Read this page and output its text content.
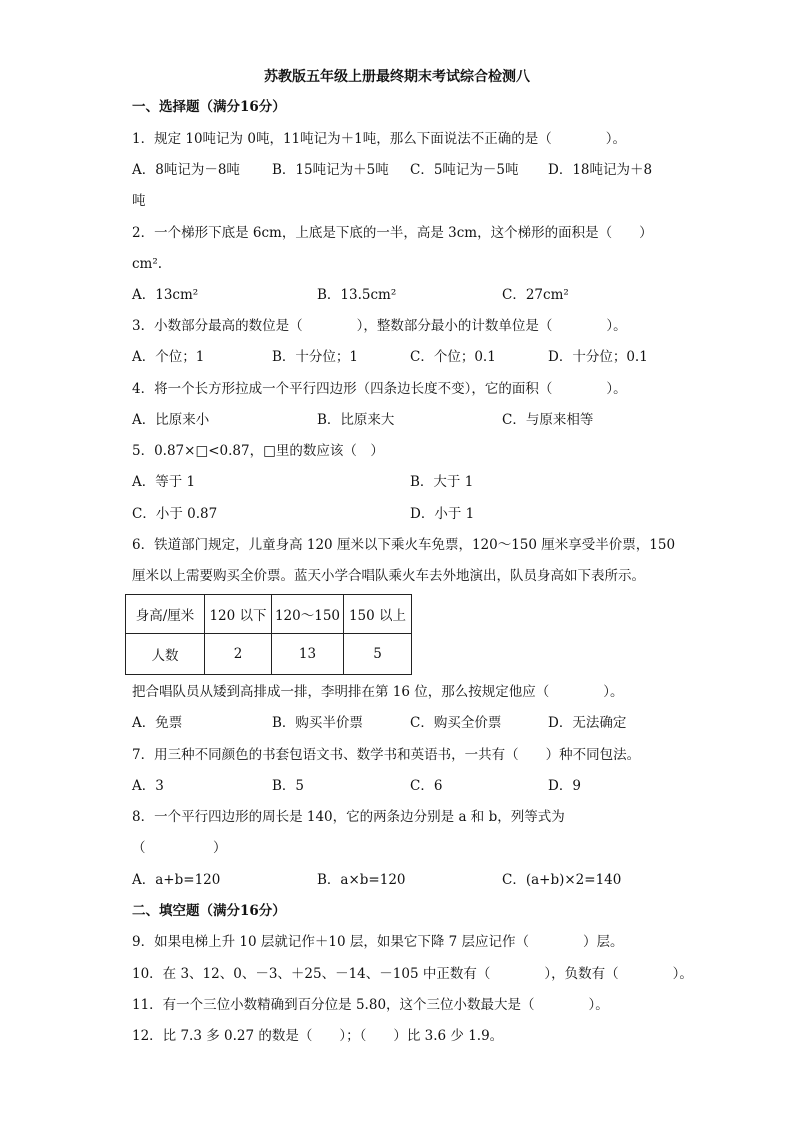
苏教版五年级上册最终期末考试综合检测八
一、选择题（满分16分）
1．规定 10吨记为 0吨，11吨记为＋1吨，那么下面说法不正确的是（　　　　）。
A．8吨记为－8吨 B．15吨记为＋5吨 C．5吨记为－5吨 D．18吨记为＋8
吨
2．一个梯形下底是 6cm，上底是下底的一半，高是 3cm，这个梯形的面积是（　　）
cm².
A．13cm²	B．13.5cm²	C．27cm²
3．小数部分最高的数位是（　　　　），整数部分最小的计数单位是（　　　　）。
A．个位；1	B．十分位；1	C．个位；0.1	D．十分位；0.1
4．将一个长方形拉成一个平行四边形（四条边长度不变），它的面积（　　　　）。
A．比原来小	B．比原来大	C．与原来相等
5．0.87×□<0.87，□里的数应该（　）
A．等于 1	B．大于 1
C．小于 0.87	D．小于 1
6．铁道部门规定，儿童身高 120 厘米以下乘火车免票，120～150 厘米享受半价票，150
厘米以上需要购买全价票。蓝天小学合唱队乘火车去外地演出，队员身高如下表所示。
身高/厘米	120 以下	120～150	150 以上
人数	2	13	5
把合唱队员从矮到高排成一排，李明排在第 16 位，那么按规定他应（　　　　）。
A．免票	B．购买半价票	C．购买全价票	D．无法确定
7．用三种不同颜色的书套包语文书、数学书和英语书，一共有（　　）种不同包法。
A．3	B．5	C．6	D．9
8．一个平行四边形的周长是 140，它的两条边分别是 a 和 b，列等式为
（　　　　　）
A．a+b=120	B．a×b=120	C．(a+b)×2=140
二、填空题（满分16分）
9．如果电梯上升 10 层就记作＋10 层，如果它下降 7 层应记作（　　　　）层。
10．在 3、12、0、－3、＋25、－14、－105 中正数有（　　　　），负数有（　　　　）。
11．有一个三位小数精确到百分位是 5.80，这个三位小数最大是（　　　　）。
12．比 7.3 多 0.27 的数是（　　）；（　　）比 3.6 少 1.9。
